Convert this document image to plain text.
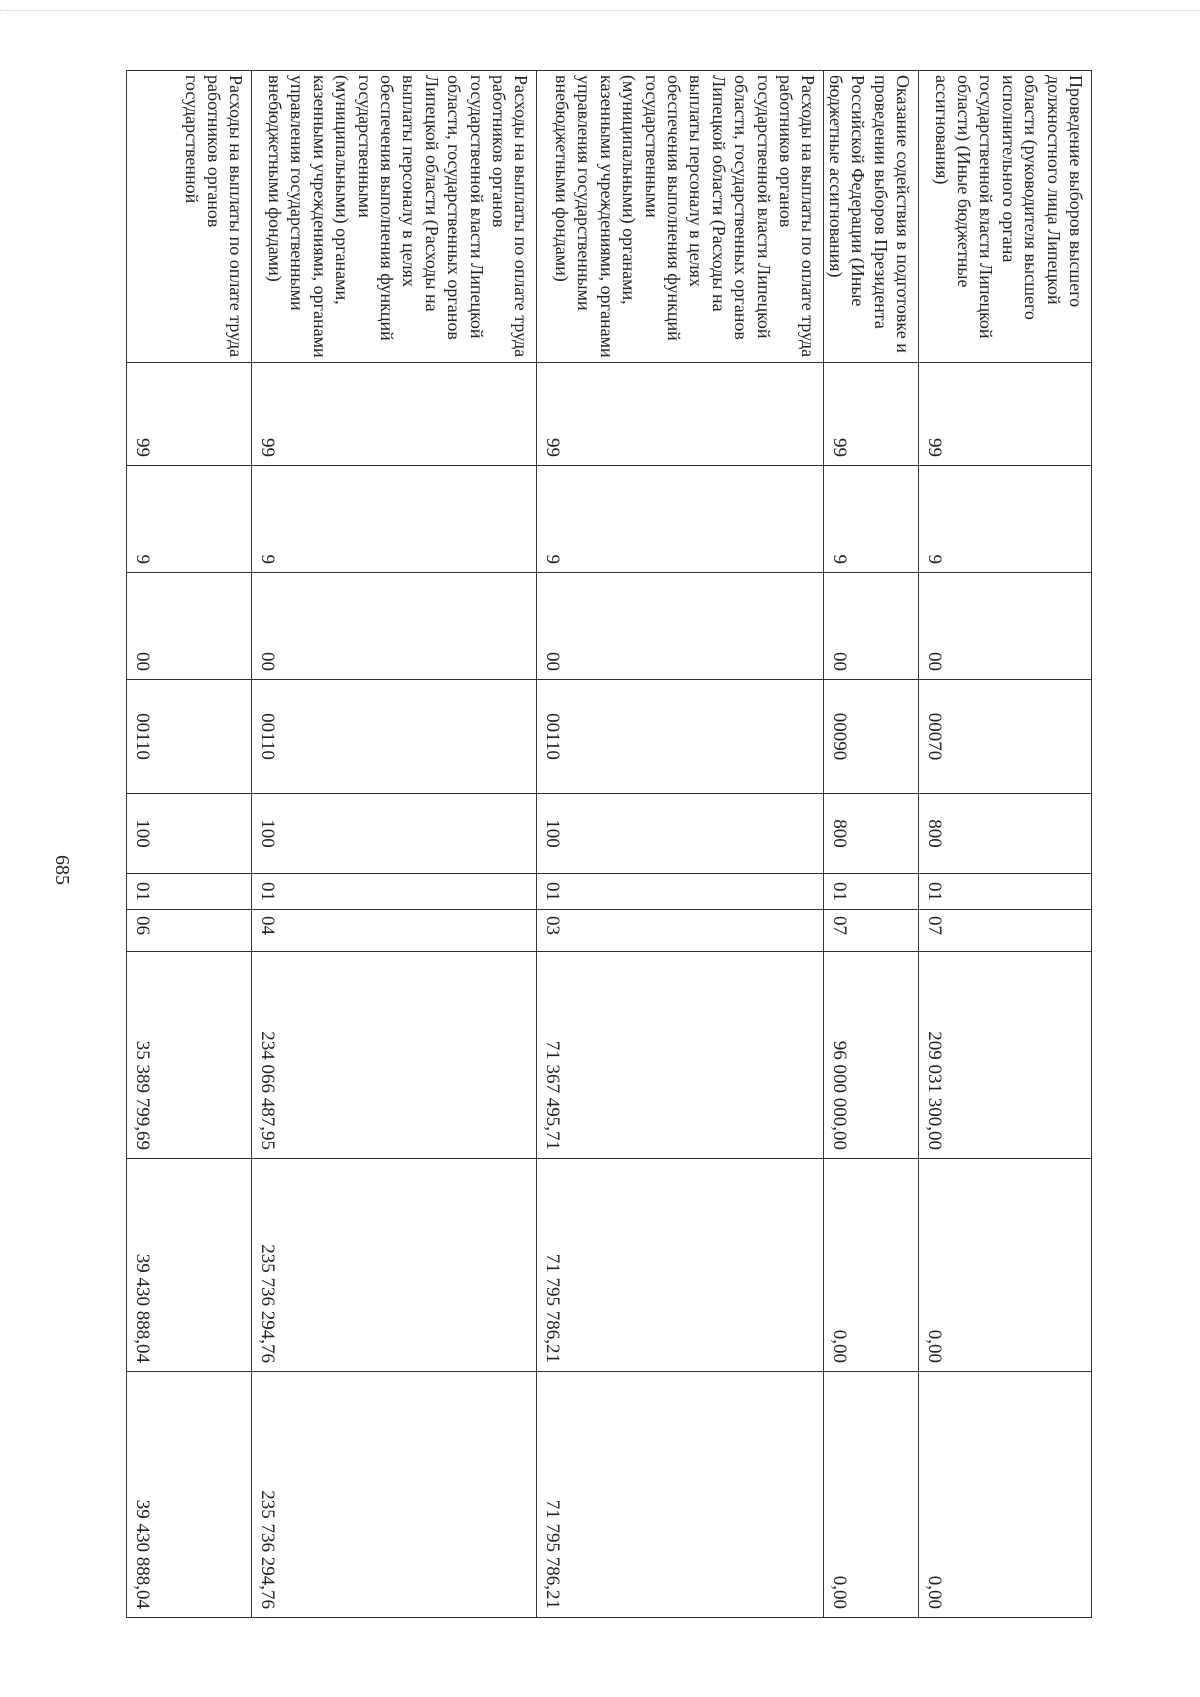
685
Проведение выборов высшего должностного лица Липецкой области (руководителя высшего исполнительного органа государственной власти Липецкой области) (Иные бюджетные ассигнования)	99	9	00	00070	800	01	07	209 031 300,00	0,00	0,00
Оказание содействия в подготовке и проведении выборов Президента Российской Федерации (Иные бюджетные ассигнования)	99	9	00	00090	800	01	07	96 000 000,00	0,00	0,00
Расходы на выплаты по оплате труда работников органов государственной власти Липецкой области, государственных органов Липецкой области (Расходы на выплаты персоналу в целях обеспечения выполнения функций государственными (муниципальными) органами, казенными учреждениями, органами управления государственными внебюджетными фондами)	99	9	00	00110	100	01	03	71 367 495,71	71 795 786,21	71 795 786,21
Расходы на выплаты по оплате труда работников органов государственной власти Липецкой области, государственных органов Липецкой области (Расходы на выплаты персоналу в целях обеспечения выполнения функций государственными (муниципальными) органами, казенными учреждениями, органами управления государственными внебюджетными фондами)	99	9	00	00110	100	01	04	234 066 487,95	235 736 294,76	235 736 294,76
Расходы на выплаты по оплате труда работников органов государственной	99	9	00	00110	100	01	06	35 389 799,69	39 430 888,04	39 430 888,04
